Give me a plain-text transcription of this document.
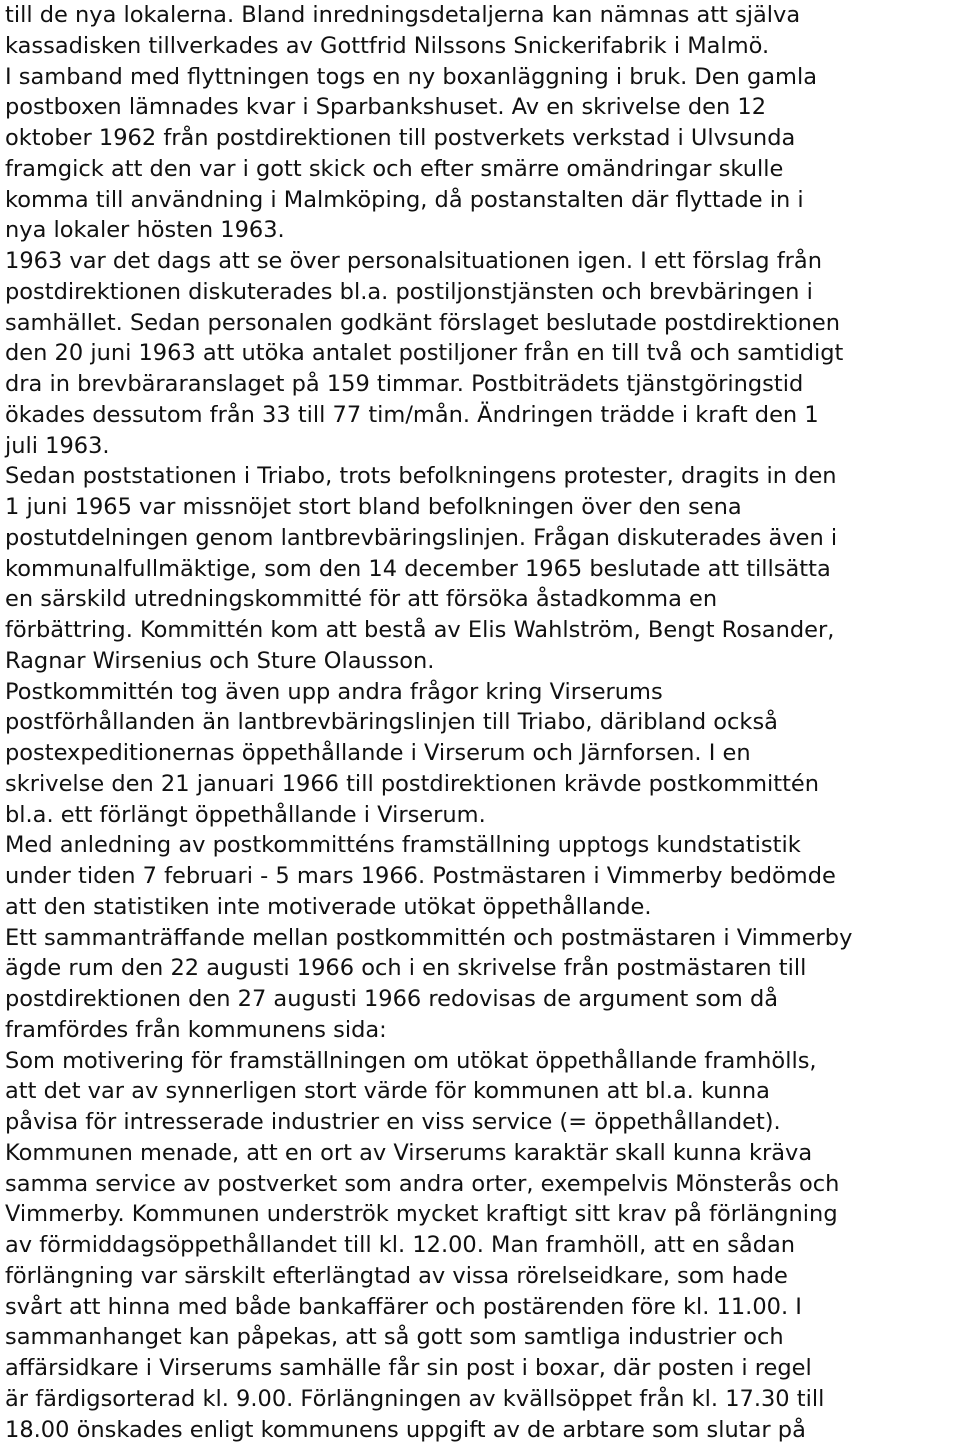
till de nya lokalerna. Bland inredningsdetaljerna kan nämnas att själva
kassadisken tillverkades av Gottfrid Nilssons Snickerifabrik i Malmö.
I samband med flyttningen togs en ny boxanläggning i bruk. Den gamla
postboxen lämnades kvar i Sparbankshuset. Av en skrivelse den 12
oktober 1962 från postdirektionen till postverkets verkstad i Ulvsunda
framgick att den var i gott skick och efter smärre omändringar skulle
komma till användning i Malmköping, då postanstalten där flyttade in i
nya lokaler hösten 1963.
1963 var det dags att se över personalsituationen igen. I ett förslag från
postdirektionen diskuterades bl.a. postiljonstjänsten och brevbäringen i
samhället. Sedan personalen godkänt förslaget beslutade postdirektionen
den 20 juni 1963 att utöka antalet postiljoner från en till två och samtidigt
dra in brevbäraranslaget på 159 timmar. Postbiträdets tjänstgöringstid
ökades dessutom från 33 till 77 tim/mån. Ändringen trädde i kraft den 1
juli 1963.
Sedan poststationen i Triabo, trots befolkningens protester, dragits in den
1 juni 1965 var missnöjet stort bland befolkningen över den sena
postutdelningen genom lantbrevbäringslinjen. Frågan diskuterades även i
kommunalfullmäktige, som den 14 december 1965 beslutade att tillsätta
en särskild utredningskommitté för att försöka åstadkomma en
förbättring. Kommittén kom att bestå av Elis Wahlström, Bengt Rosander,
Ragnar Wirsenius och Sture Olausson.
Postkommittén tog även upp andra frågor kring Virserums
postförhållanden än lantbrevbäringslinjen till Triabo, däribland också
postexpeditionernas öppethållande i Virserum och Järnforsen. I en
skrivelse den 21 januari 1966 till postdirektionen krävde postkommittén
bl.a. ett förlängt öppethållande i Virserum.
Med anledning av postkommitténs framställning upptogs kundstatistik
under tiden 7 februari - 5 mars 1966. Postmästaren i Vimmerby bedömde
att den statistiken inte motiverade utökat öppethållande.
Ett sammanträffande mellan postkommittén och postmästaren i Vimmerby
ägde rum den 22 augusti 1966 och i en skrivelse från postmästaren till
postdirektionen den 27 augusti 1966 redovisas de argument som då
framfördes från kommunens sida:
Som motivering för framställningen om utökat öppethållande framhölls,
att det var av synnerligen stort värde för kommunen att bl.a. kunna
påvisa för intresserade industrier en viss service (= öppethållandet).
Kommunen menade, att en ort av Virserums karaktär skall kunna kräva
samma service av postverket som andra orter, exempelvis Mönsterås och
Vimmerby. Kommunen underströk mycket kraftigt sitt krav på förlängning
av förmiddagsöppethållandet till kl. 12.00. Man framhöll, att en sådan
förlängning var särskilt efterlängtad av vissa rörelseidkare, som hade
svårt att hinna med både bankaffärer och postärenden före kl. 11.00. I
sammanhanget kan påpekas, att så gott som samtliga industrier och
affärsidkare i Virserums samhälle får sin post i boxar, där posten i regel
är färdigsorterad kl. 9.00. Förlängningen av kvällsöppet från kl. 17.30 till
18.00 önskades enligt kommunens uppgift av de arbtare som slutar på
